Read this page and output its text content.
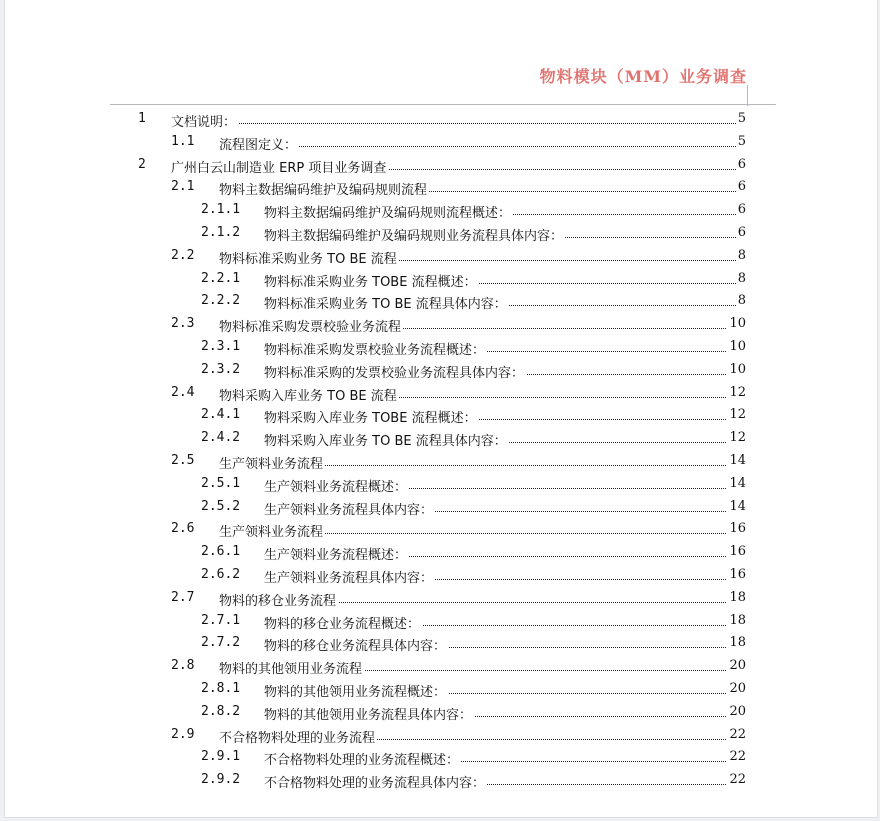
物料模块（MM）业务调查
1 文档说明：	5
1.1 流程图定义：	5
2 广州白云山制造业 ERP 项目业务调查	6
2.1 物料主数据编码维护及编码规则流程	6
2.1.1 物料主数据编码维护及编码规则流程概述：	6
2.1.2 物料主数据编码维护及编码规则业务流程具体内容：	6
2.2 物料标准采购业务 TO BE 流程	8
2.2.1 物料标准采购业务 TOBE 流程概述：	8
2.2.2 物料标准采购业务 TO BE 流程具体内容：	8
2.3 物料标准采购发票校验业务流程	10
2.3.1 物料标准采购发票校验业务流程概述：	10
2.3.2 物料标准采购的发票校验业务流程具体内容：	10
2.4 物料采购入库业务 TO BE 流程	12
2.4.1 物料采购入库业务 TOBE 流程概述：	12
2.4.2 物料采购入库业务 TO BE 流程具体内容：	12
2.5 生产领料业务流程	14
2.5.1 生产领料业务流程概述：	14
2.5.2 生产领料业务流程具体内容：	14
2.6 生产领料业务流程	16
2.6.1 生产领料业务流程概述：	16
2.6.2 生产领料业务流程具体内容：	16
2.7 物料的移仓业务流程	18
2.7.1 物料的移仓业务流程概述：	18
2.7.2 物料的移仓业务流程具体内容：	18
2.8 物料的其他领用业务流程	20
2.8.1 物料的其他领用业务流程概述：	20
2.8.2 物料的其他领用业务流程具体内容：	20
2.9 不合格物料处理的业务流程	22
2.9.1 不合格物料处理的业务流程概述：	22
2.9.2 不合格物料处理的业务流程具体内容：	22
